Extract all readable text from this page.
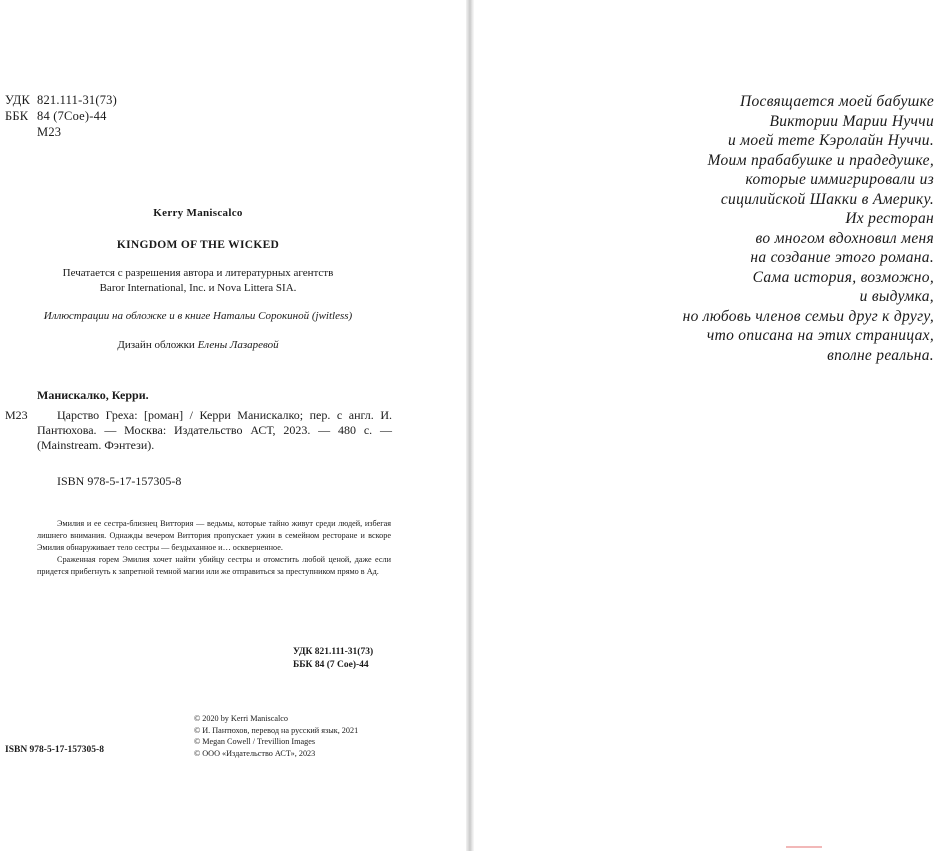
УДК 821.111-31(73)
ББК 84 (7Сое)-44
М23
Kerry Maniscalco
KINGDOM OF THE WICKED
Печатается с разрешения автора и литературных агентств
Baror International, Inc. и Nova Littera SIA.
Иллюстрации на обложке и в книге Натальи Сорокиной (jwitless)
Дизайн обложки Елены Лазаревой
Манискалко, Керри.
М23	Царство Греха: [роман] / Керри Манискалко; пер. с англ. И. Пантюхова. — Москва: Издательство АСТ, 2023. — 480 с. — (Mainstream. Фэнтези).
ISBN 978-5-17-157305-8

Эмилия и ее сестра-близнец Виттория — ведьмы, которые тайно живут среди людей, избегая лишнего внимания. Однажды вечером Виттория пропускает ужин в семейном ресторане и вскоре Эмилия обнаруживает тело сестры — бездыханное и… оскверненное.

Сраженная горем Эмилия хочет найти убийцу сестры и отомстить любой ценой, даже если придется прибегнуть к запретной темной магии или же отправиться за преступником прямо в Ад.

УДК 821.111-31(73)
ББК 84 (7 Сое)-44
© 2020 by Kerri Maniscalco
© И. Пантюхов, перевод на русский язык, 2021
© Megan Cowell / Trevillion Images
© ООО «Издательство АСТ», 2023
ISBN 978-5-17-157305-8
Посвящается моей бабушке
Виктории Марии Нуччи
и моей тете Кэролайн Нуччи.
Моим прабабушке и прадедушке,
которые иммигрировали из
сицилийской Шакки в Америку.
Их ресторан
во многом вдохновил меня
на создание этого романа.
Сама история, возможно,
и выдумка,
но любовь членов семьи друг к другу,
что описана на этих страницах,
вполне реальна.
